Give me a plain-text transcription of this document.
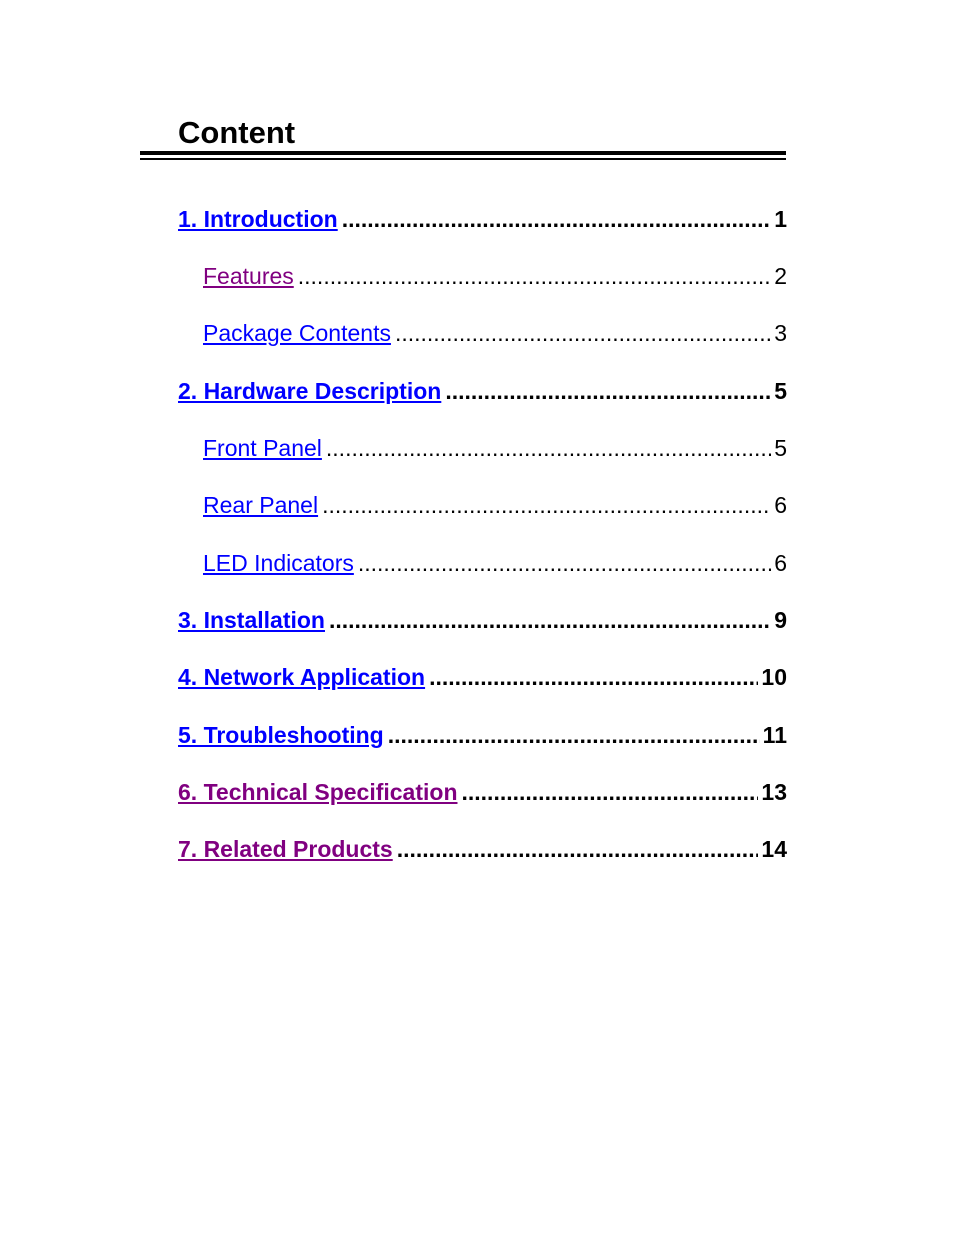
Content
1. Introduction .....	1
Features .....	2
Package Contents .....	3
2. Hardware Description .....	5
Front Panel .....	5
Rear Panel .....	6
LED Indicators .....	6
3. Installation .....	9
4. Network Application .....	10
5. Troubleshooting .....	11
6. Technical Specification .....	13
7. Related Products .....	14
